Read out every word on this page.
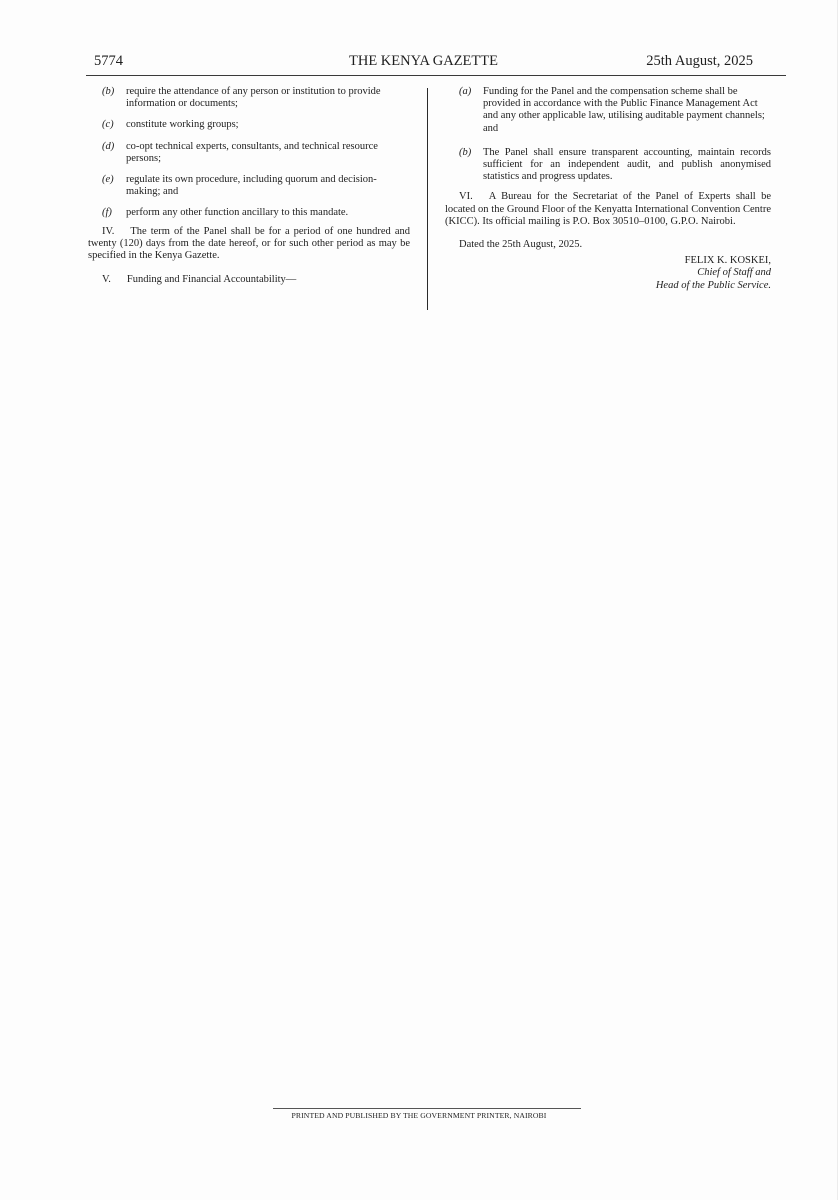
5774	THE KENYA GAZETTE	25th August, 2025
(b) require the attendance of any person or institution to provide information or documents;
(c) constitute working groups;
(d) co-opt technical experts, consultants, and technical resource persons;
(e) regulate its own procedure, including quorum and decision-making; and
(f) perform any other function ancillary to this mandate.

IV. The term of the Panel shall be for a period of one hundred and twenty (120) days from the date hereof, or for such other period as may be specified in the Kenya Gazette.

V. Funding and Financial Accountability—

(a) Funding for the Panel and the compensation scheme shall be provided in accordance with the Public Finance Management Act and any other applicable law, utilising auditable payment channels; and
(b) The Panel shall ensure transparent accounting, maintain records sufficient for an independent audit, and publish anonymised statistics and progress updates.

VI. A Bureau for the Secretariat of the Panel of Experts shall be located on the Ground Floor of the Kenyatta International Convention Centre (KICC). Its official mailing is P.O. Box 30510–0100, G.P.O. Nairobi.

Dated the 25th August, 2025.
FELIX K. KOSKEI,
Chief of Staff and
Head of the Public Service.
PRINTED AND PUBLISHED BY THE GOVERNMENT PRINTER, NAIROBI
